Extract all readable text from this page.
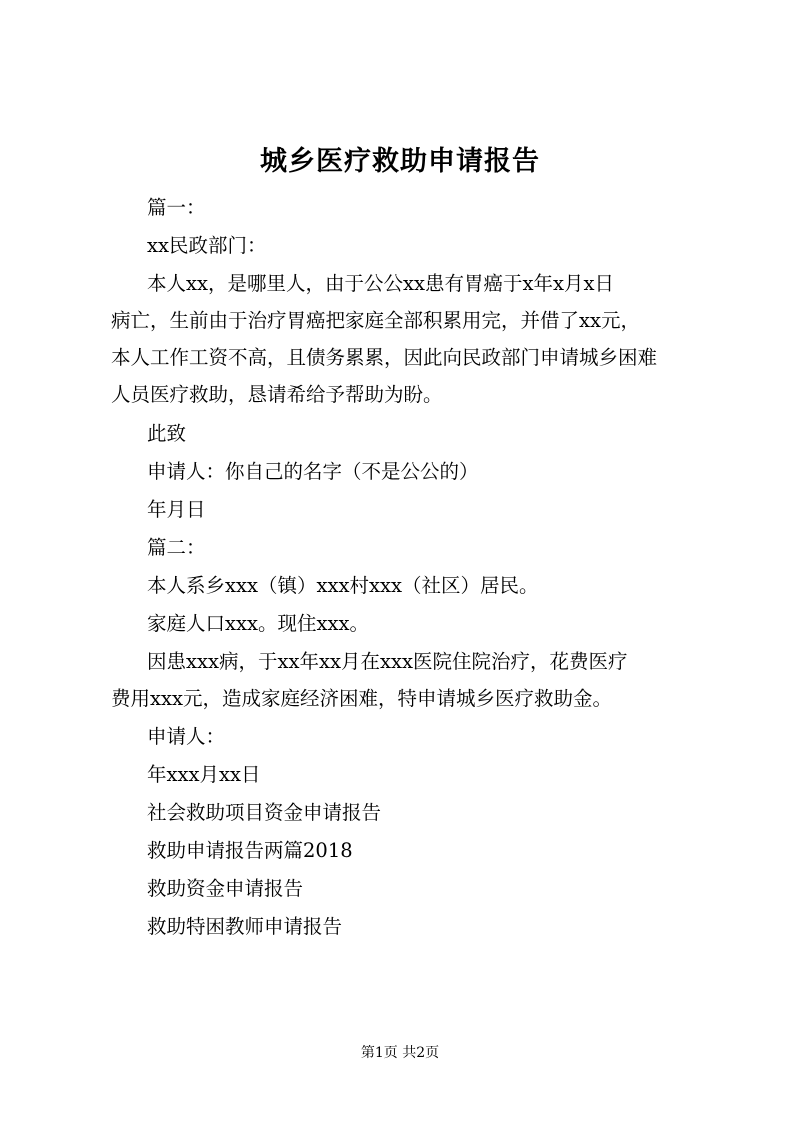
城乡医疗救助申请报告
篇一：
xx民政部门：
本人xx，是哪里人，由于公公xx患有胃癌于x年x月x日
病亡，生前由于治疗胃癌把家庭全部积累用完，并借了xx元，
本人工作工资不高，且债务累累，因此向民政部门申请城乡困难
人员医疗救助，恳请希给予帮助为盼。
此致
申请人：你自己的名字（不是公公的）
年月日
篇二：
本人系乡xxx（镇）xxx村xxx（社区）居民。
家庭人口xxx。现住xxx。
因患xxx病，于xx年xx月在xxx医院住院治疗，花费医疗
费用xxx元，造成家庭经济困难，特申请城乡医疗救助金。
申请人：
年xxx月xx日
社会救助项目资金申请报告
救助申请报告两篇2018
救助资金申请报告
救助特困教师申请报告
第1页 共2页
